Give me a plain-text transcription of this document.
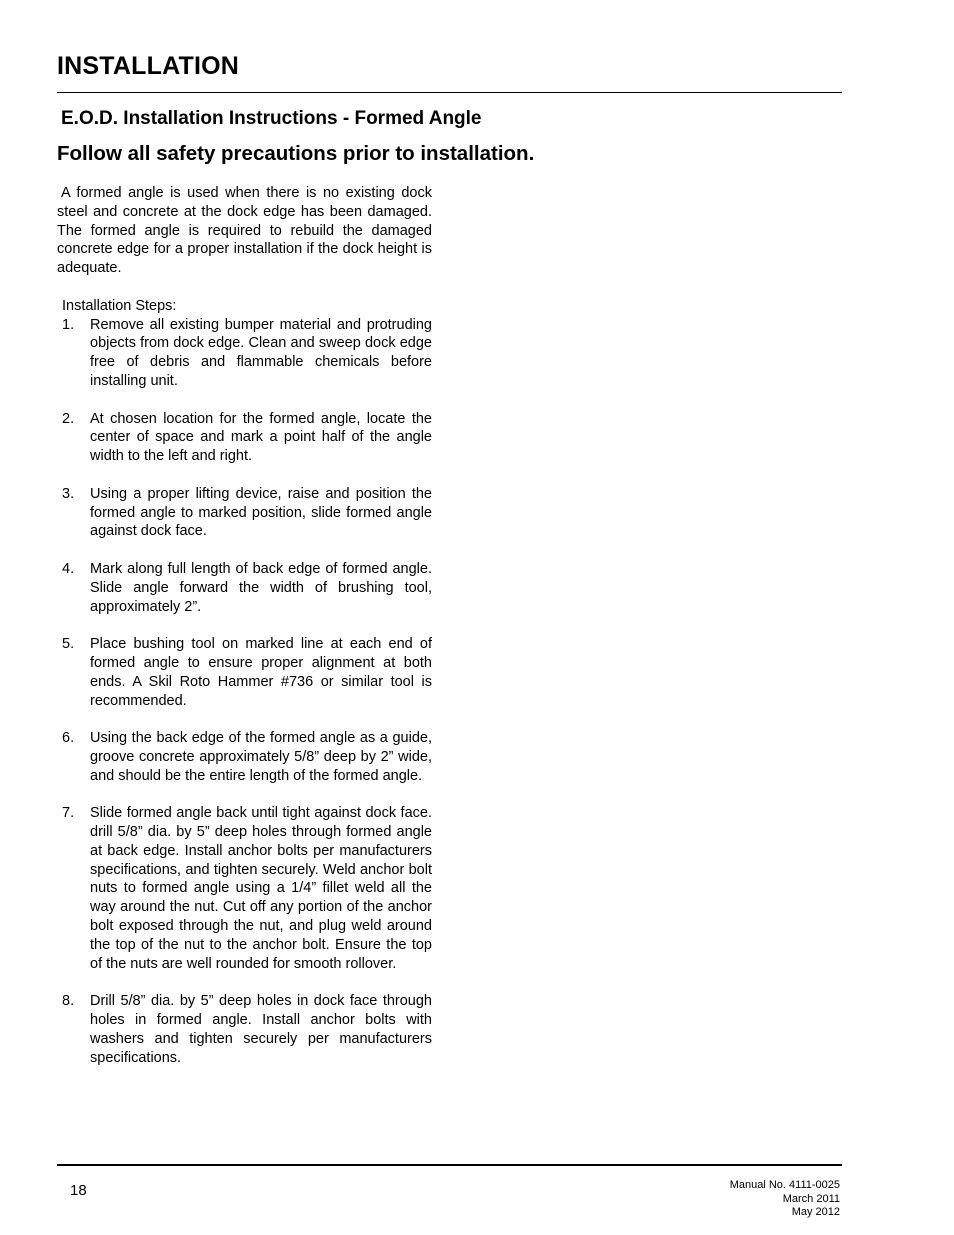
INSTALLATION
E.O.D. Installation Instructions - Formed Angle

Follow all safety precautions prior to installation.

A formed angle is used when there is no existing dock steel and concrete at the dock edge has been damaged. The formed angle is required to rebuild the damaged concrete edge for a proper installation if the dock height is adequate.

Installation Steps:

1. Remove all existing bumper material and protruding objects from dock edge. Clean and sweep dock edge free of debris and flammable chemicals before installing unit.
2. At chosen location for the formed angle, locate the center of space and mark a point half of the angle width to the left and right.
3. Using a proper lifting device, raise and position the formed angle to marked position, slide formed angle against dock face.
4. Mark along full length of back edge of formed angle. Slide angle forward the width of brushing tool, approximately 2”.
5. Place bushing tool on marked line at each end of formed angle to ensure proper alignment at both ends. A Skil Roto Hammer #736 or similar tool is recommended.
6. Using the back edge of the formed angle as a guide, groove concrete approximately 5/8” deep by 2” wide, and should be the entire length of the formed angle.
7. Slide formed angle back until tight against dock face. drill 5/8” dia. by 5” deep holes through formed angle at back edge. Install anchor bolts per manufacturers specifications, and tighten securely. Weld anchor bolt nuts to formed angle using a 1/4” fillet weld all the way around the nut. Cut off any portion of the anchor bolt exposed through the nut, and plug weld around the top of the nut to the anchor bolt. Ensure the top of the nuts are well rounded for smooth rollover.
8. Drill 5/8” dia. by 5” deep holes in dock face through holes in formed angle. Install anchor bolts with washers and tighten securely per manufacturers specifications.
18	Manual No. 4111-0025
March 2011
May 2012
